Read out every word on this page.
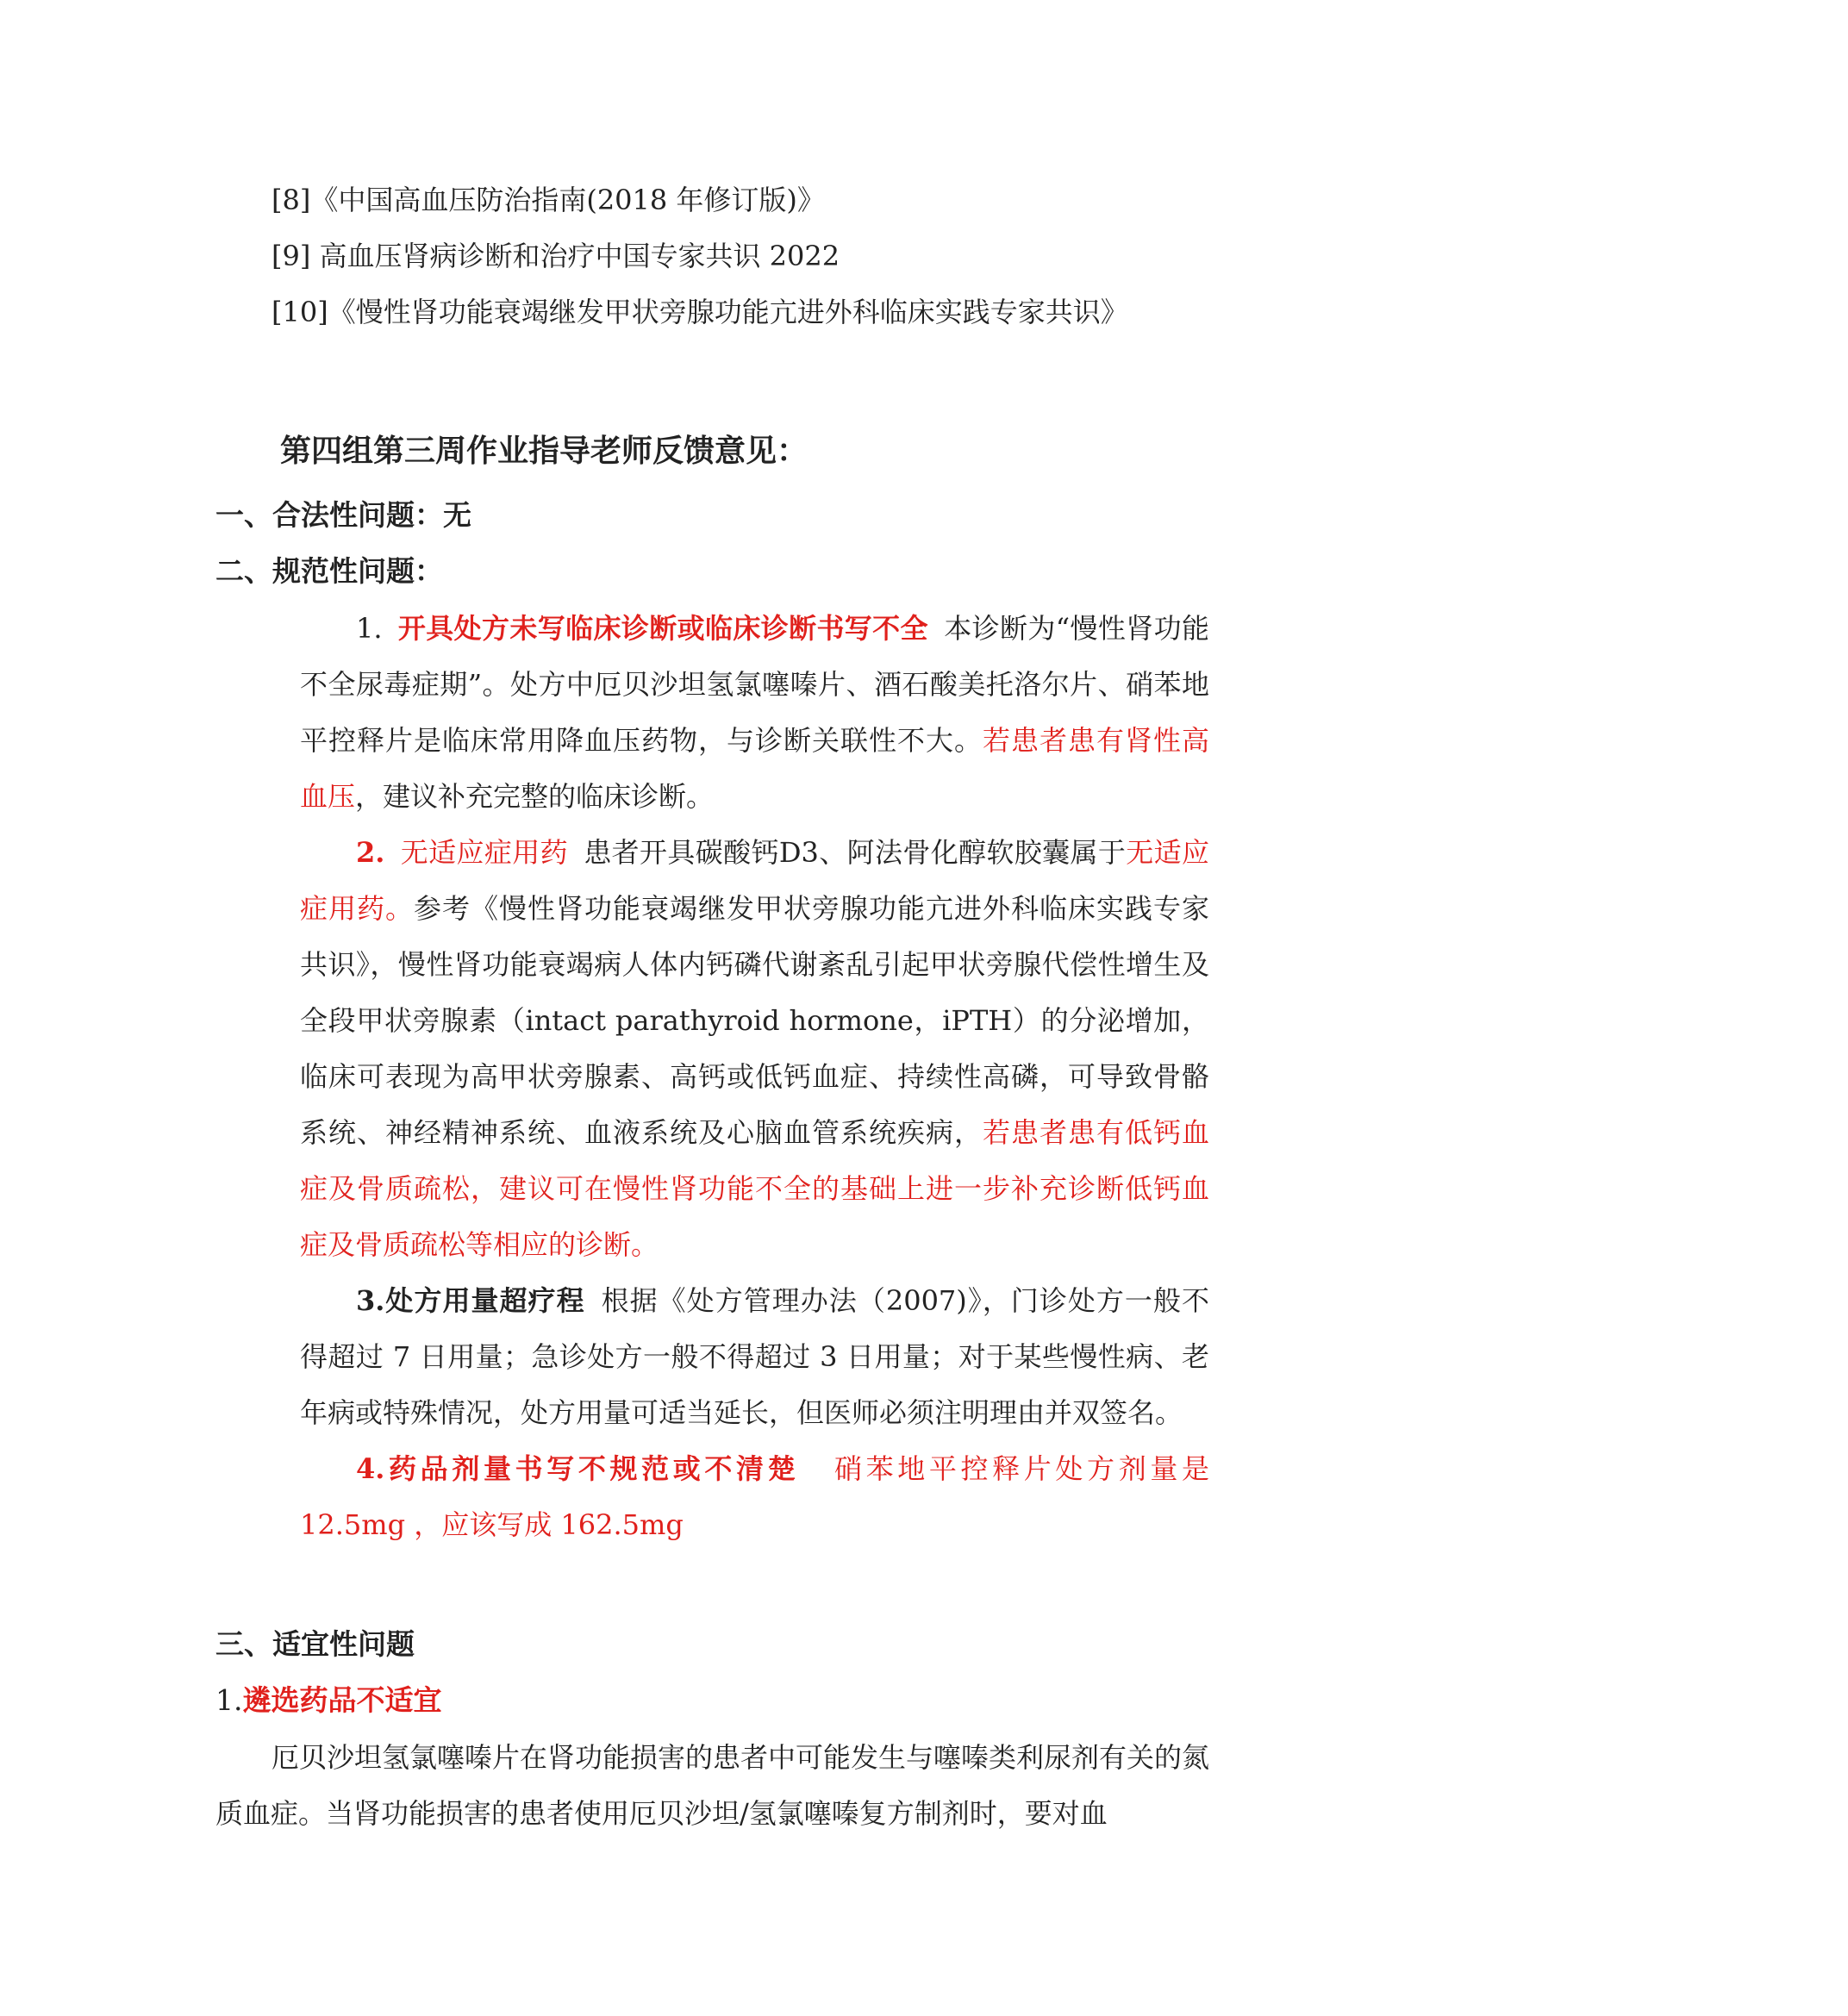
[8]《中国高血压防治指南(2018 年修订版)》
[9] 高血压肾病诊断和治疗中国专家共识 2022
[10]《慢性肾功能衰竭继发甲状旁腺功能亢进外科临床实践专家共识》
第四组第三周作业指导老师反馈意见：
一、合法性问题：无
二、规范性问题：
1. 开具处方未写临床诊断或临床诊断书写不全 本诊断为“慢性肾功能不全尿毒症期”。处方中厄贝沙坦氢氯噻嗪片、酒石酸美托洛尔片、硝苯地平控释片是临床常用降血压药物，与诊断关联性不大。若患者患有肾性高血压，建议补充完整的临床诊断。
2. 无适应症用药 患者开具碳酸钙D3、阿法骨化醇软胶囊属于无适应症用药。参考《慢性肾功能衰竭继发甲状旁腺功能亢进外科临床实践专家共识》，慢性肾功能衰竭病人体内钙磷代谢紊乱引起甲状旁腺代偿性增生及全段甲状旁腺素（intact parathyroid hormone，iPTH）的分泌增加，临床可表现为高甲状旁腺素、高钙或低钙血症、持续性高磷，可导致骨骼系统、神经精神系统、血液系统及心脑血管系统疾病，若患者患有低钙血症及骨质疏松，建议可在慢性肾功能不全的基础上进一步补充诊断低钙血症及骨质疏松等相应的诊断。
3.处方用量超疗程 根据《处方管理办法（2007)》，门诊处方一般不得超过 7 日用量；急诊处方一般不得超过 3 日用量；对于某些慢性病、老年病或特殊情况，处方用量可适当延长，但医师必须注明理由并双签名。
4.药品剂量书写不规范或不清楚 硝苯地平控释片处方剂量是 12.5mg ，应该写成 162.5mg
三、适宜性问题
1.遴选药品不适宜
厄贝沙坦氢氯噻嗪片在肾功能损害的患者中可能发生与噻嗪类利尿剂有关的氮质血症。当肾功能损害的患者使用厄贝沙坦/氢氯噻嗪复方制剂时，要对血
